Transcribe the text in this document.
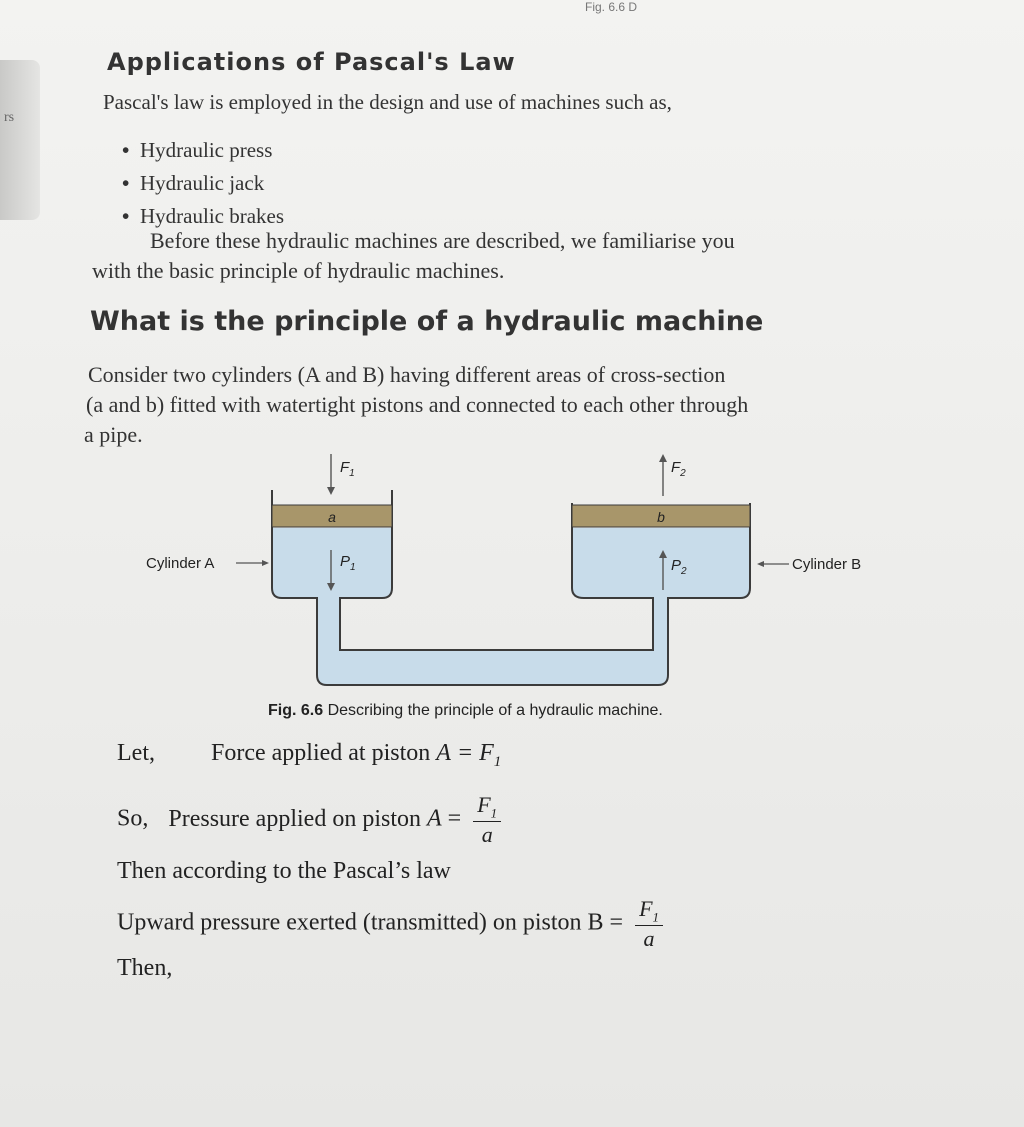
rs
Fig. 6.6 D
Applications of Pascal's Law
Pascal's law is employed in the design and use of machines such as,
• Hydraulic press
• Hydraulic jack
• Hydraulic brakes
Before these hydraulic machines are described, we familiarise you
with the basic principle of hydraulic machines.
What is the principle of a hydraulic machine
Consider two cylinders (A and B) having different areas of cross-section
(a and b) fitted with watertight pistons and connected to each other through
a pipe.
a	b
$F_1$	$F_2$
$P_1$	$P_2$
Cylinder A	Cylinder B
Fig. 6.6 Describing the principle of a hydraulic machine.
Let, Force applied at piston $A = F_1$
So, Pressure applied on piston $A = \frac{F_1}{a}$
Then according to the Pascal’s law
Upward pressure exerted (transmitted) on piston $B = \frac{F_1}{a}$
Then,
